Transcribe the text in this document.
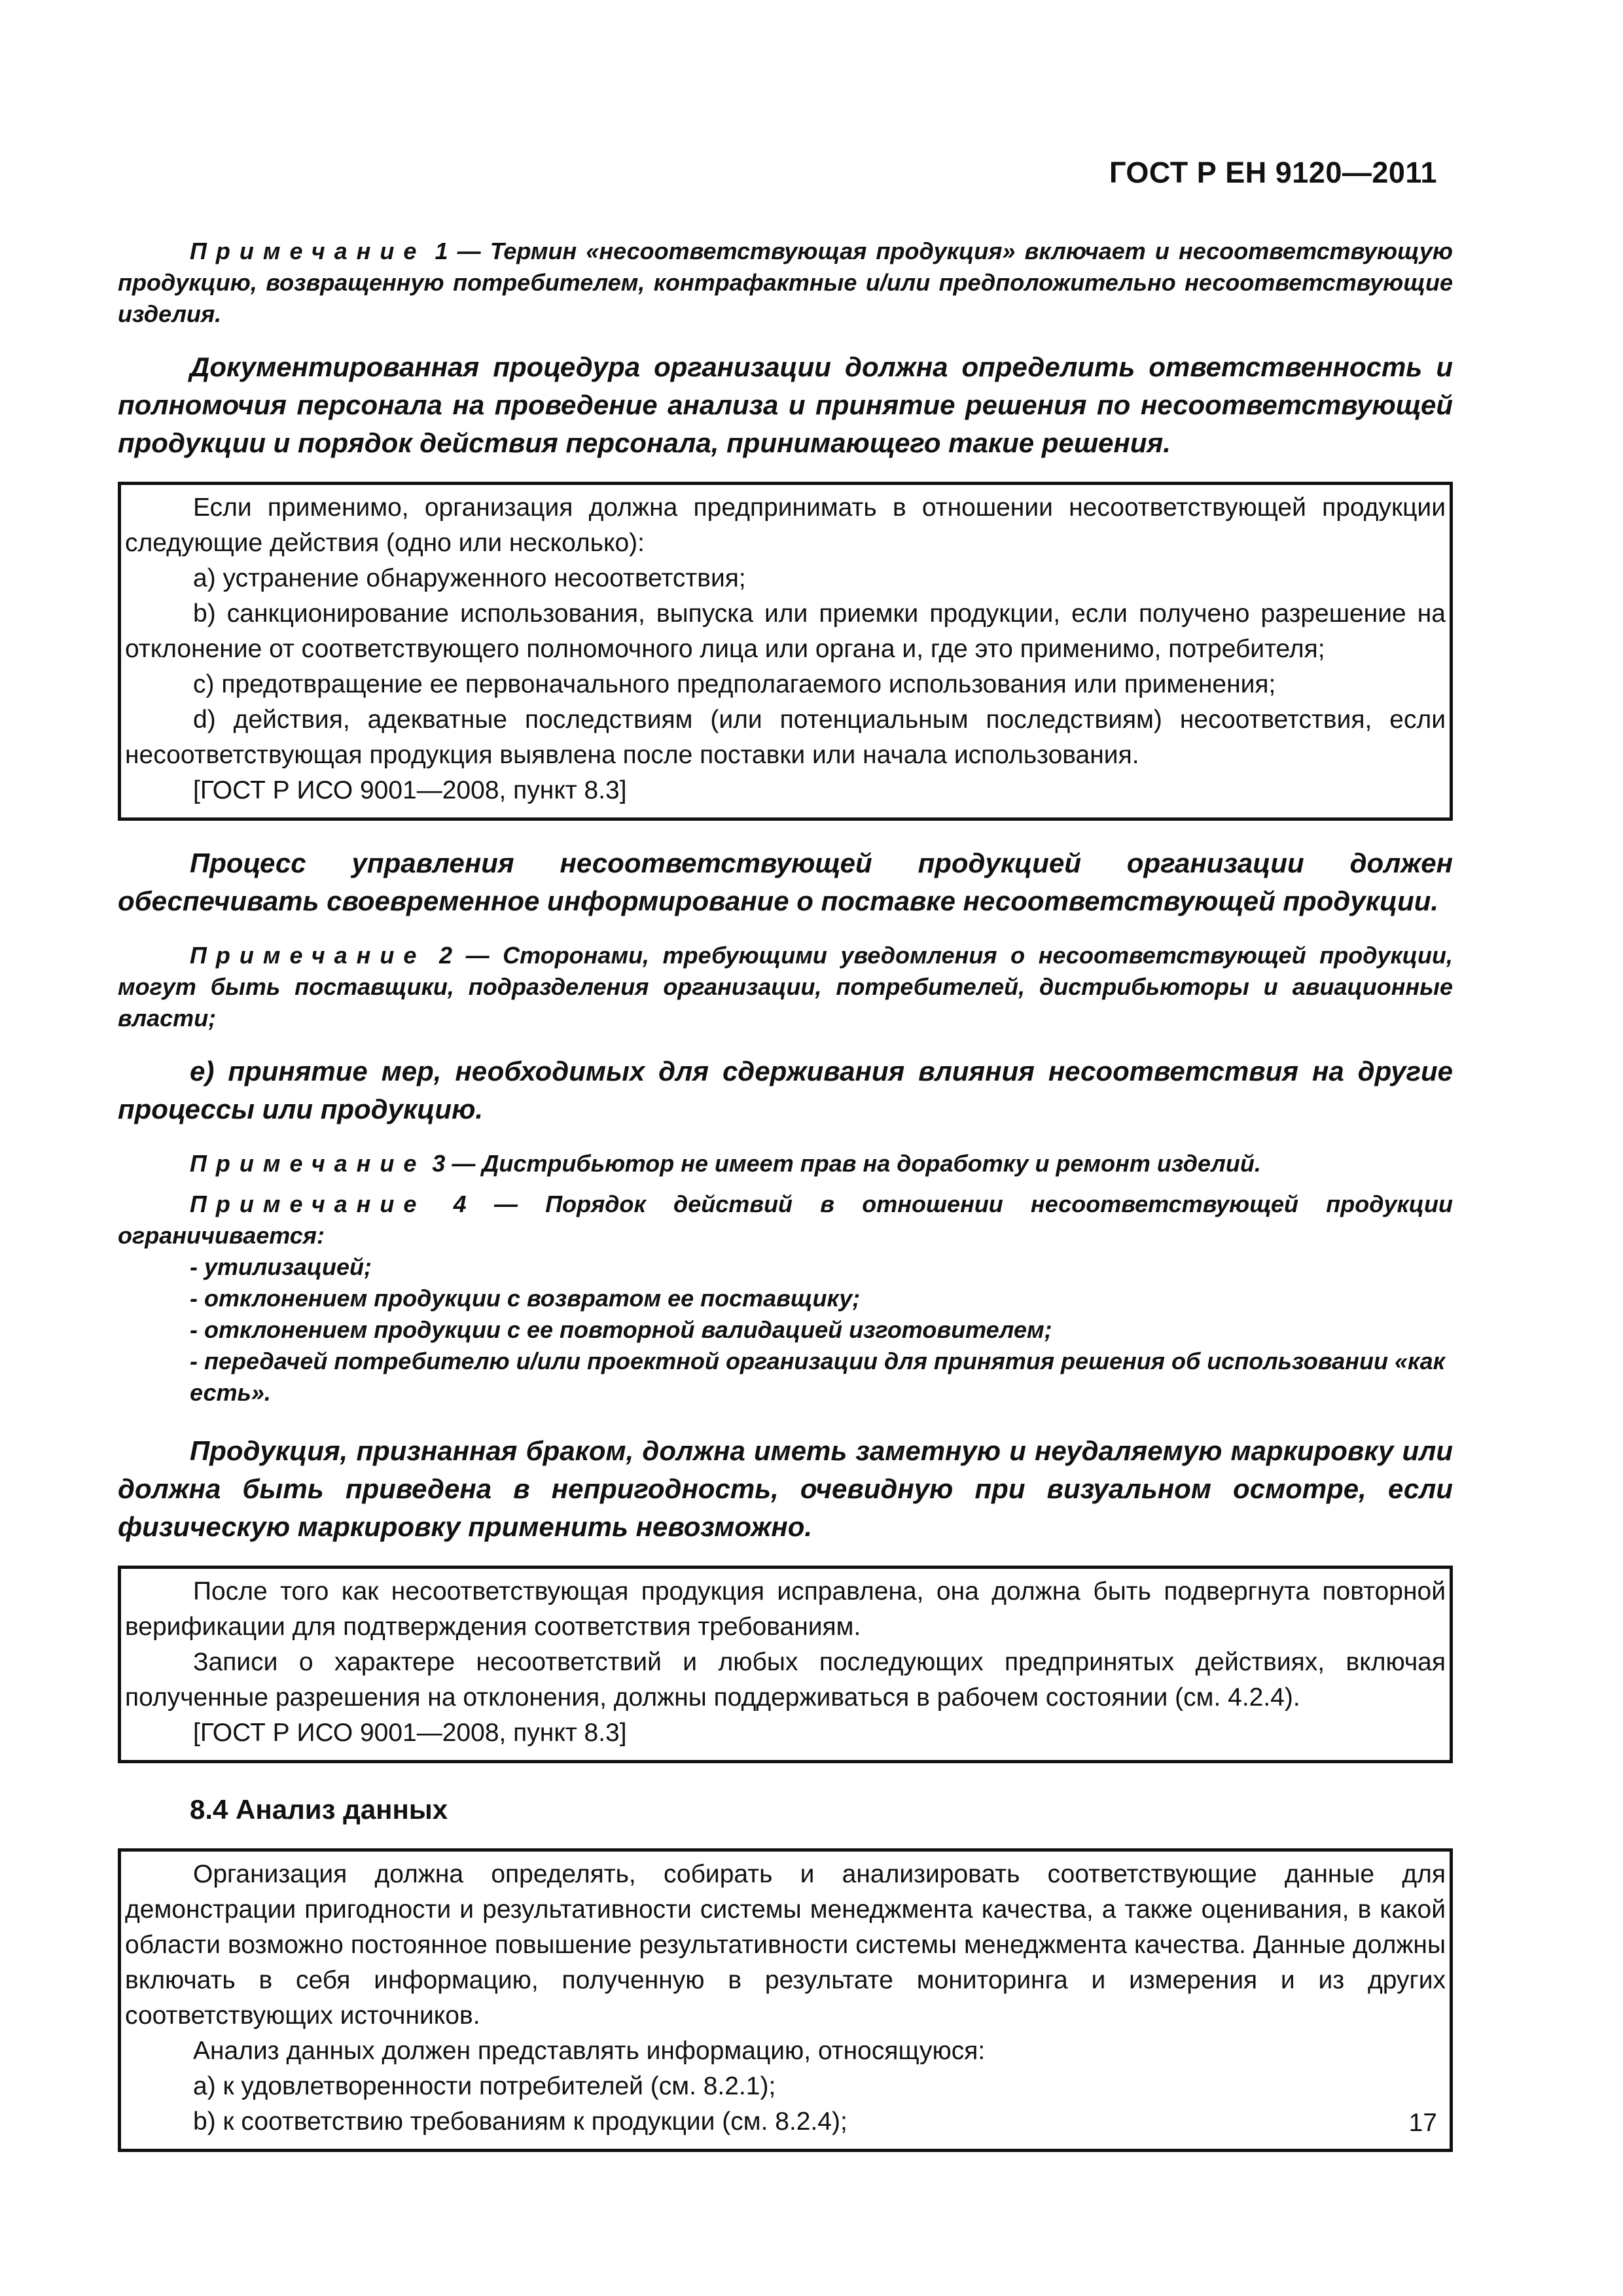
ГОСТ Р ЕН 9120—2011

Примечание 1 — Термин «несоответствующая продукция» включает и несоответствующую продукцию, возвращенную потребителем, контрафактные и/или предположительно несоответствующие изделия.

Документированная процедура организации должна определить ответственность и полномочия персонала на проведение анализа и принятие решения по несоответствующей продукции и порядок действия персонала, принимающего такие решения.

Если применимо, организация должна предпринимать в отношении несоответствующей продукции следующие действия (одно или несколько):

a) устранение обнаруженного несоответствия;

b) санкционирование использования, выпуска или приемки продукции, если получено разрешение на отклонение от соответствующего полномочного лица или органа и, где это применимо, потребителя;

c) предотвращение ее первоначального предполагаемого использования или применения;

d) действия, адекватные последствиям (или потенциальным последствиям) несоответствия, если несоответствующая продукция выявлена после поставки или начала использования.

[ГОСТ Р ИСО 9001—2008, пункт 8.3]

Процесс управления несоответствующей продукцией организации должен обеспечивать своевременное информирование о поставке несоответствующей продукции.

Примечание 2 — Сторонами, требующими уведомления о несоответствующей продукции, могут быть поставщики, подразделения организации, потребителей, дистрибьюторы и авиационные власти;

е) принятие мер, необходимых для сдерживания влияния несоответствия на другие процессы или продукцию.

Примечание 3 — Дистрибьютор не имеет прав на доработку и ремонт изделий.

Примечание 4 — Порядок действий в отношении несоответствующей продукции ограничивается:

- утилизацией;

- отклонением продукции с возвратом ее поставщику;

- отклонением продукции с ее повторной валидацией изготовителем;

- передачей потребителю и/или проектной организации для принятия решения об использовании «как есть».

Продукция, признанная браком, должна иметь заметную и неудаляемую маркировку или должна быть приведена в непригодность, очевидную при визуальном осмотре, если физическую маркировку применить невозможно.

После того как несоответствующая продукция исправлена, она должна быть подвергнута повторной верификации для подтверждения соответствия требованиям.

Записи о характере несоответствий и любых последующих предпринятых действиях, включая полученные разрешения на отклонения, должны поддерживаться в рабочем состоянии (см. 4.2.4).

[ГОСТ Р ИСО 9001—2008, пункт 8.3]

8.4 Анализ данных

Организация должна определять, собирать и анализировать соответствующие данные для демонстрации пригодности и результативности системы менеджмента качества, а также оценивания, в какой области возможно постоянное повышение результативности системы менеджмента качества. Данные должны включать в себя информацию, полученную в результате мониторинга и измерения и из других соответствующих источников.

Анализ данных должен представлять информацию, относящуюся:

a) к удовлетворенности потребителей (см. 8.2.1);

b) к соответствию требованиям к продукции (см. 8.2.4);	17
